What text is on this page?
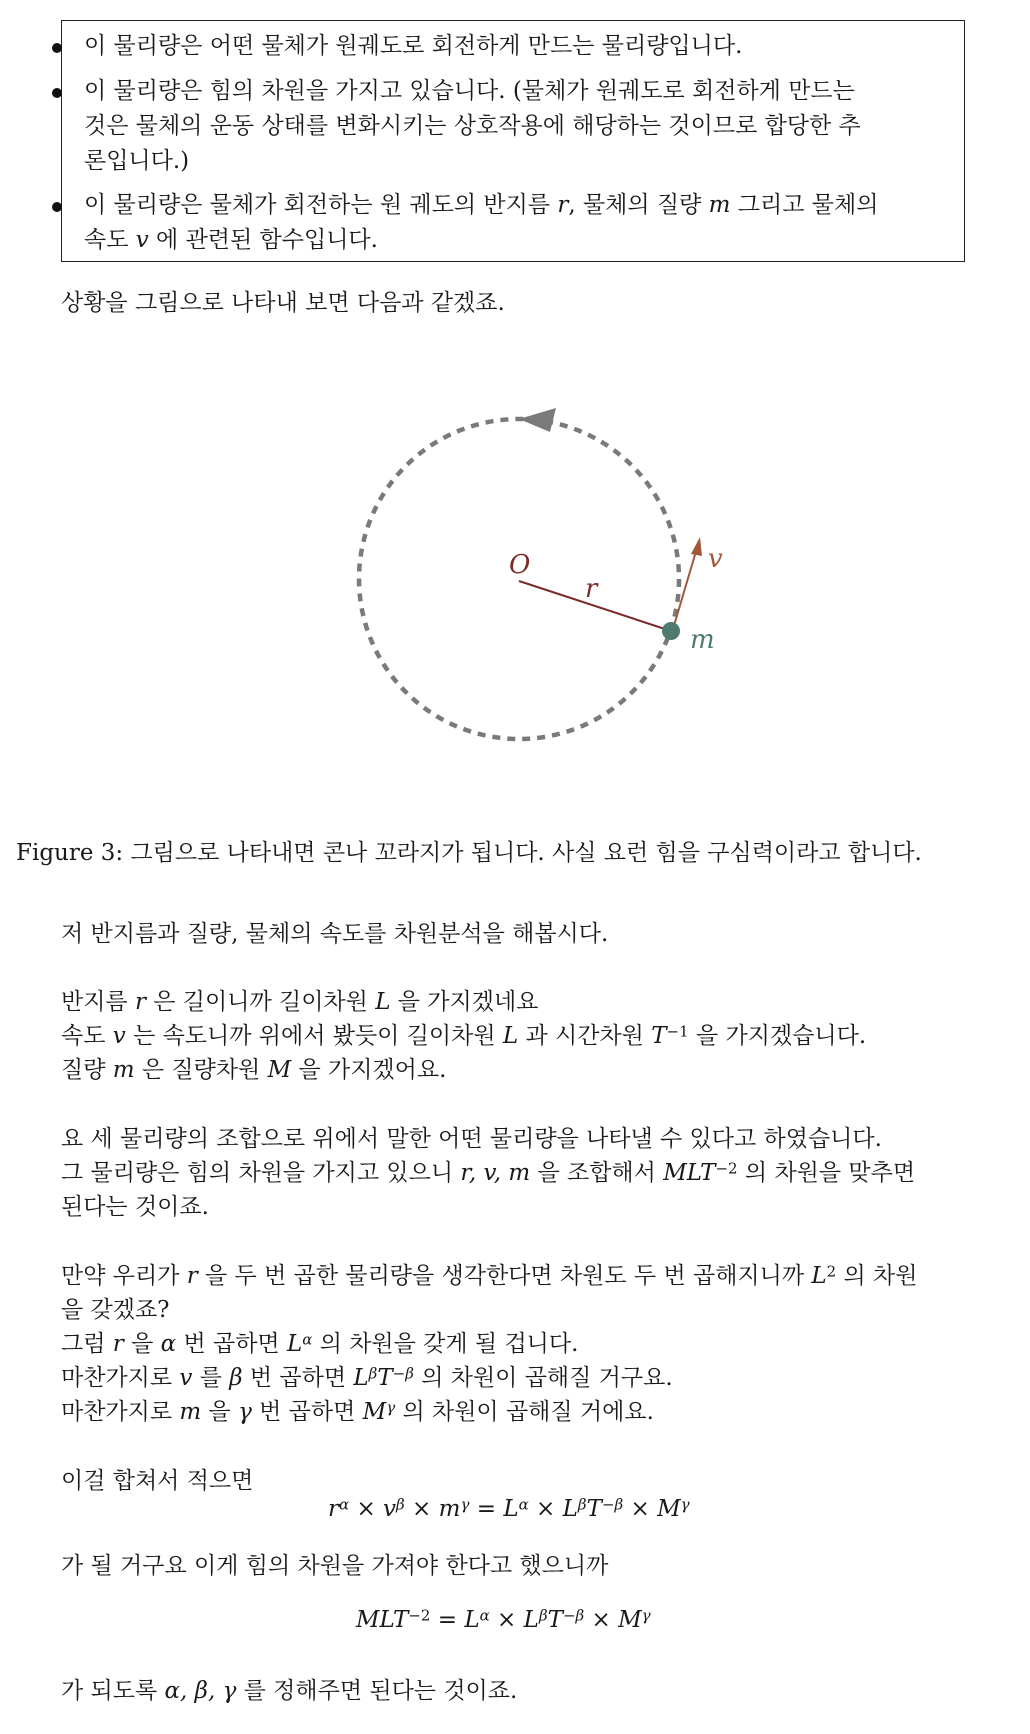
이 물리량은 어떤 물체가 원궤도로 회전하게 만드는 물리량입니다.
이 물리량은 힘의 차원을 가지고 있습니다. (물체가 원궤도로 회전하게 만드는
것은 물체의 운동 상태를 변화시키는 상호작용에 해당하는 것이므로 합당한 추
론입니다.)
이 물리량은 물체가 회전하는 원 궤도의 반지름 r, 물체의 질량 m 그리고 물체의
속도 v 에 관련된 함수입니다.
상황을 그림으로 나타내 보면 다음과 같겠죠.
O
r
v
m
Figure 3: 그림으로 나타내면 콘나 꼬라지가 됩니다. 사실 요런 힘을 구심력이라고 합니다.
저 반지름과 질량, 물체의 속도를 차원분석을 해봅시다.
반지름 r 은 길이니까 길이차원 L 을 가지겠네요
속도 v 는 속도니까 위에서 봤듯이 길이차원 L 과 시간차원 $T^{-1}$ 을 가지겠습니다.
질량 m 은 질량차원 M 을 가지겠어요.
요 세 물리량의 조합으로 위에서 말한 어떤 물리량을 나타낼 수 있다고 하였습니다.
그 물리량은 힘의 차원을 가지고 있으니 r, v, m 을 조합해서 $MLT^{-2}$ 의 차원을 맞추면
된다는 것이죠.
만약 우리가 r 을 두 번 곱한 물리량을 생각한다면 차원도 두 번 곱해지니까 $L^2$ 의 차원
을 갖겠죠?
그럼 r 을 α 번 곱하면 $L^\alpha$ 의 차원을 갖게 될 겁니다.
마찬가지로 v 를 β 번 곱하면 $L^\beta T^{-\beta}$ 의 차원이 곱해질 거구요.
마찬가지로 m 을 γ 번 곱하면 $M^\gamma$ 의 차원이 곱해질 거에요.
이걸 합쳐서 적으면
$r^\alpha \times v^\beta \times m^\gamma = L^\alpha \times L^\beta T^{-\beta} \times M^\gamma$
가 될 거구요 이게 힘의 차원을 가져야 한다고 했으니까
$MLT^{-2} = L^\alpha \times L^\beta T^{-\beta} \times M^\gamma$
가 되도록 α, β, γ 를 정해주면 된다는 것이죠.
